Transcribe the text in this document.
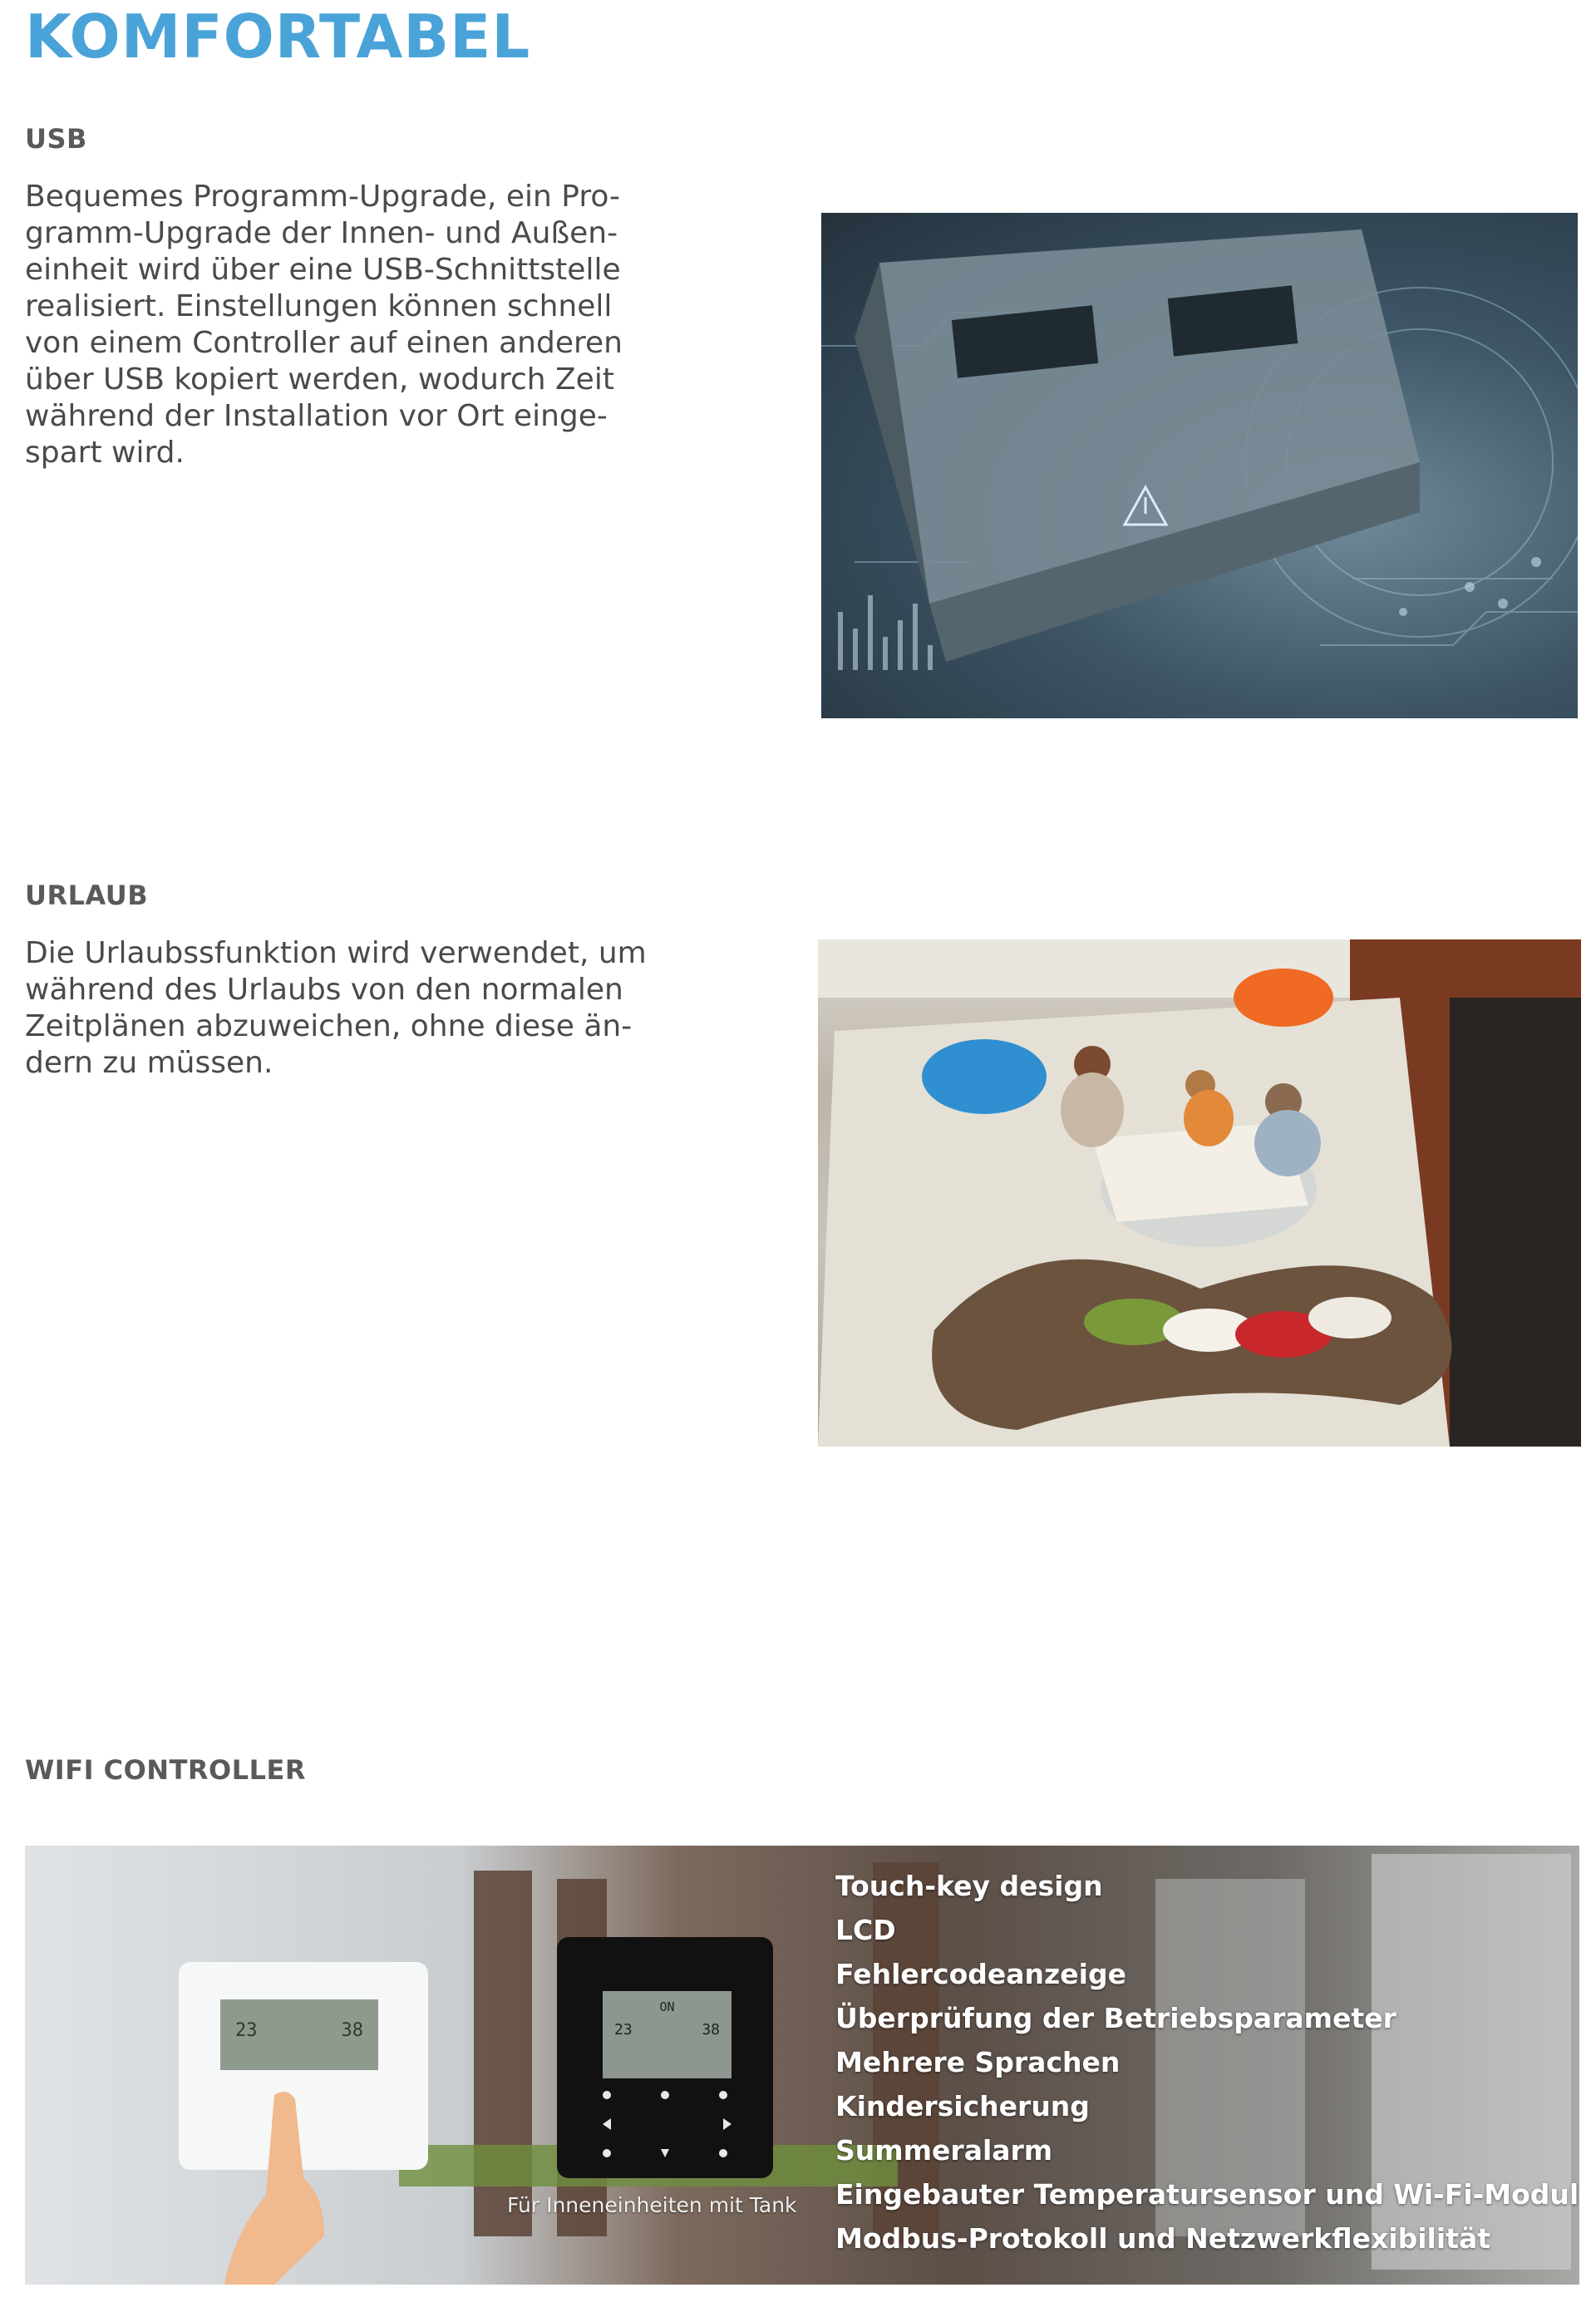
KOMFORTABEL
USB
Bequemes Programm-Upgrade, ein Pro-
gramm-Upgrade der Innen- und Außen-
einheit wird über eine USB-Schnittstelle
realisiert. Einstellungen können schnell
von einem Controller auf einen anderen
über USB kopiert werden, wodurch Zeit
während der Installation vor Ort einge-
spart wird.
URLAUB
Die Urlaubssfunktion wird verwendet, um
während des Urlaubs von den normalen
Zeitplänen abzuweichen, ohne diese än-
dern zu müssen.
WIFI CONTROLLER
23	38
ON
23	38
Für Inneneinheiten mit Tank
Touch-key design
LCD
Fehlercodeanzeige
Überprüfung der Betriebsparameter
Mehrere Sprachen
Kindersicherung
Summeralarm
Eingebauter Temperatursensor und Wi-Fi-Modul
Modbus-Protokoll und Netzwerkflexibilität
